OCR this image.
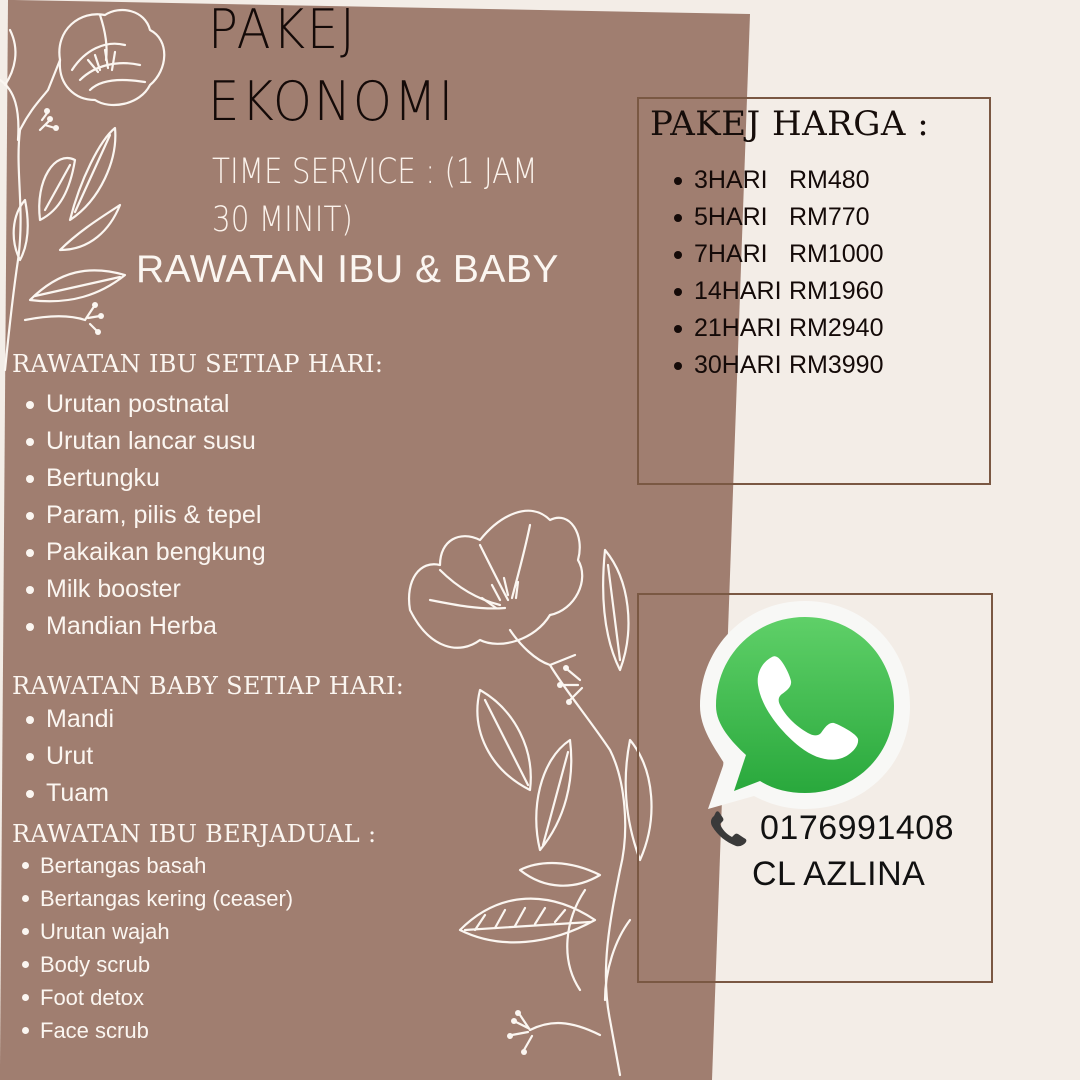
PAKEJ
EKONOMI
TIME SERVICE : (1 JAM 30 MINIT)
RAWATAN IBU & BABY
RAWATAN IBU SETIAP HARI:
Urutan postnatal
Urutan lancar susu
Bertungku
Param, pilis & tepel
Pakaikan bengkung
Milk booster
Mandian Herba
RAWATAN BABY SETIAP HARI:
Mandi
Urut
Tuam
RAWATAN IBU BERJADUAL :
Bertangas basah
Bertangas kering (ceaser)
Urutan wajah
Body scrub
Foot detox
Face scrub
PAKEJ HARGA :
3HARI RM480
5HARI RM770
7HARI RM1000
14HARI RM1960
21HARI RM2940
30HARI RM3990
0176991408
CL AZLINA
